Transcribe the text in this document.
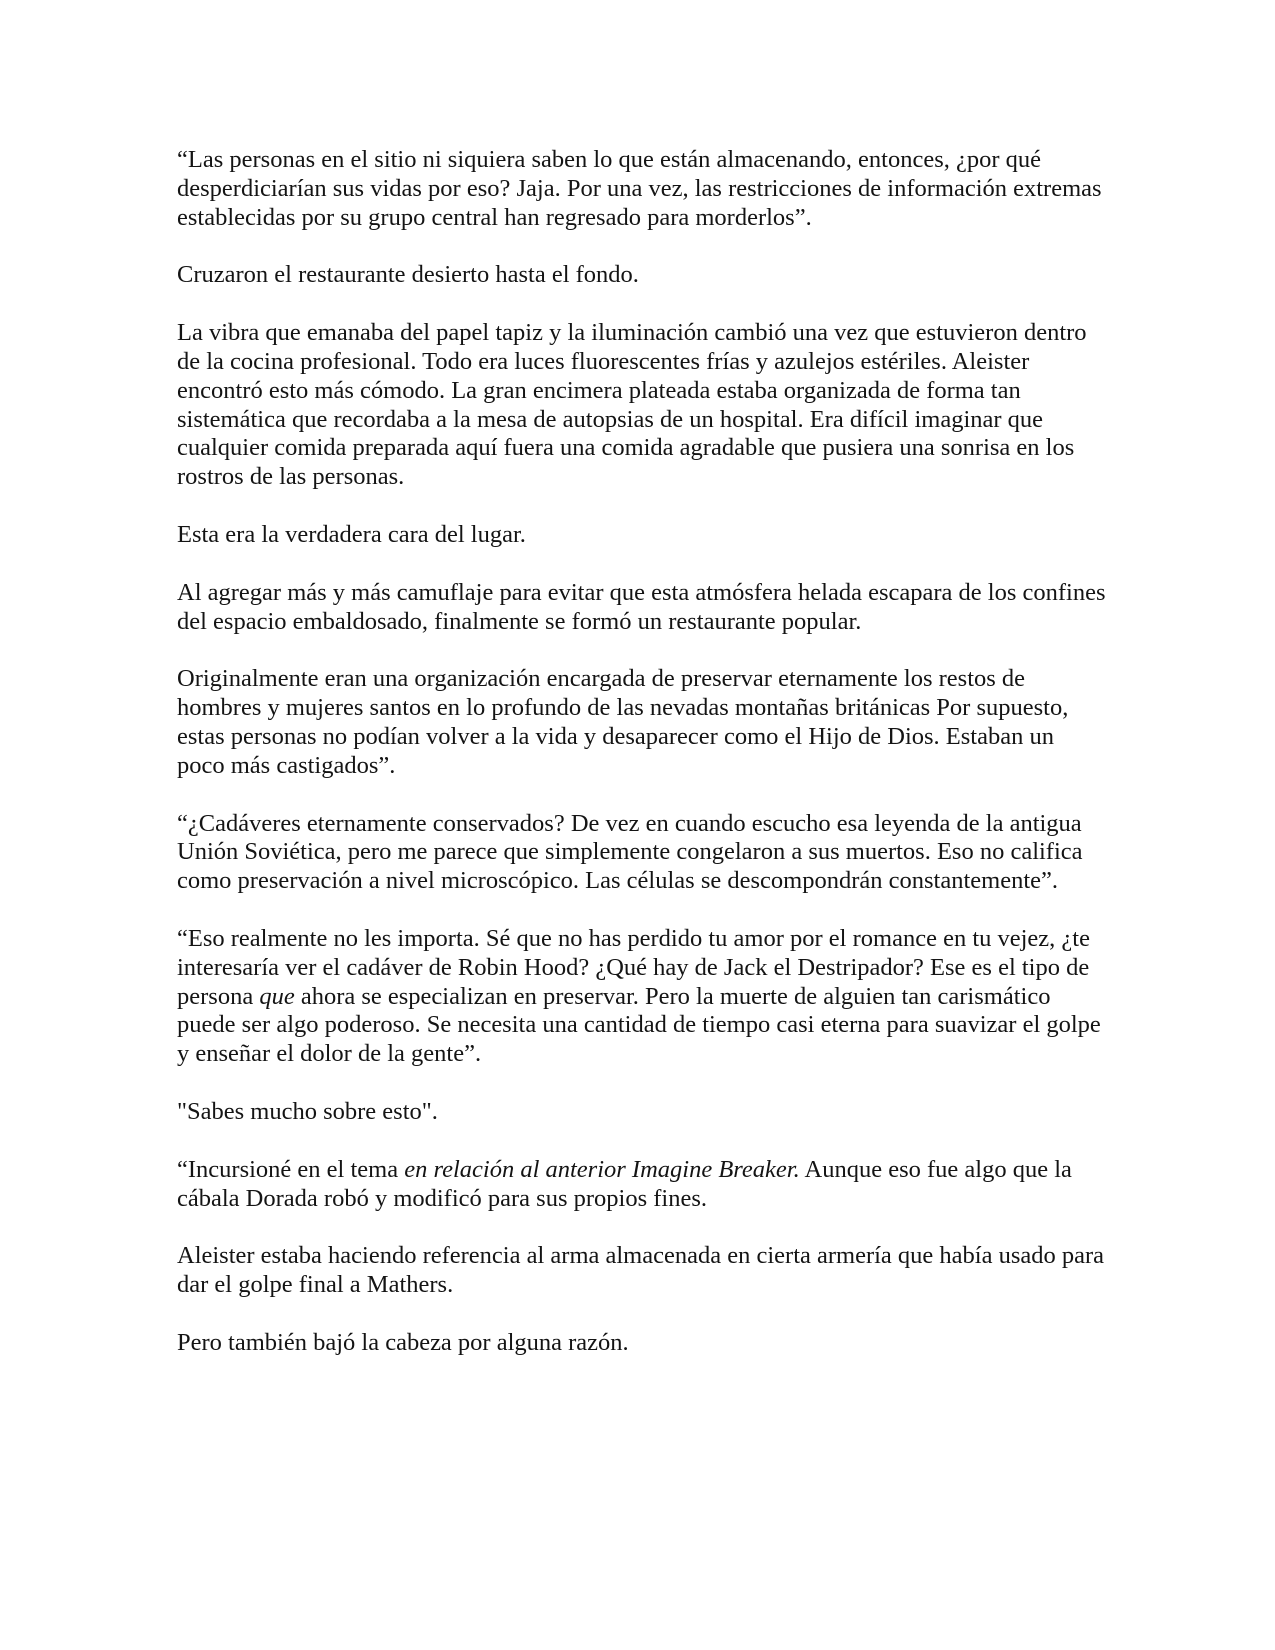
“Las personas en el sitio ni siquiera saben lo que están almacenando, entonces, ¿por qué desperdiciarían sus vidas por eso? Jaja. Por una vez, las restricciones de información extremas establecidas por su grupo central han regresado para morderlos”.

Cruzaron el restaurante desierto hasta el fondo.

La vibra que emanaba del papel tapiz y la iluminación cambió una vez que estuvieron dentro de la cocina profesional. Todo era luces fluorescentes frías y azulejos estériles. Aleister encontró esto más cómodo. La gran encimera plateada estaba organizada de forma tan sistemática que recordaba a la mesa de autopsias de un hospital. Era difícil imaginar que cualquier comida preparada aquí fuera una comida agradable que pusiera una sonrisa en los rostros de las personas.

Esta era la verdadera cara del lugar.

Al agregar más y más camuflaje para evitar que esta atmósfera helada escapara de los confines del espacio embaldosado, finalmente se formó un restaurante popular.

Originalmente eran una organización encargada de preservar eternamente los restos de hombres y mujeres santos en lo profundo de las nevadas montañas británicas Por supuesto, estas personas no podían volver a la vida y desaparecer como el Hijo de Dios. Estaban un poco más castigados”.

“¿Cadáveres eternamente conservados? De vez en cuando escucho esa leyenda de la antigua Unión Soviética, pero me parece que simplemente congelaron a sus muertos. Eso no califica como preservación a nivel microscópico. Las células se descompondrán constantemente”.

“Eso realmente no les importa. Sé que no has perdido tu amor por el romance en tu vejez, ¿te interesaría ver el cadáver de Robin Hood? ¿Qué hay de Jack el Destripador? Ese es el tipo de persona que ahora se especializan en preservar. Pero la muerte de alguien tan carismático puede ser algo poderoso. Se necesita una cantidad de tiempo casi eterna para suavizar el golpe y enseñar el dolor de la gente”.

"Sabes mucho sobre esto".

“Incursioné en el tema en relación al anterior Imagine Breaker. Aunque eso fue algo que la cábala Dorada robó y modificó para sus propios fines.

Aleister estaba haciendo referencia al arma almacenada en cierta armería que había usado para dar el golpe final a Mathers.

Pero también bajó la cabeza por alguna razón.
